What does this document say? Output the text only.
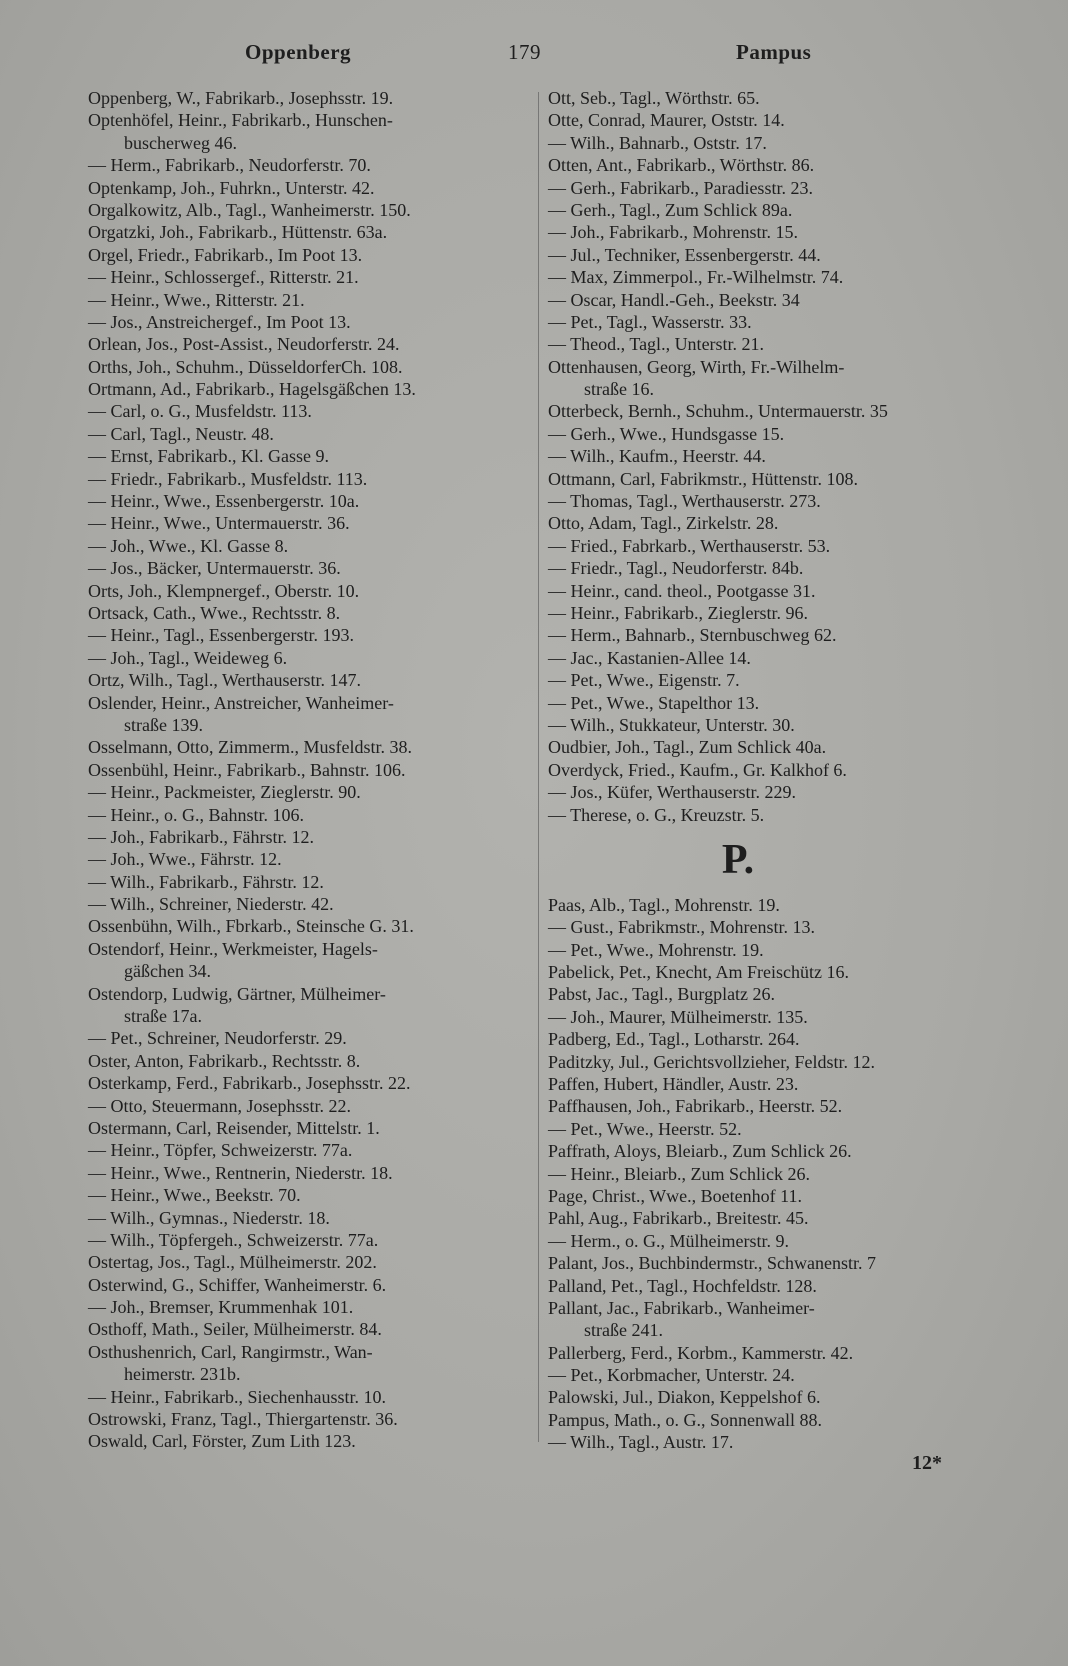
Oppenberg	179	Pampus
Oppenberg, W., Fabrikarb., Josephsstr. 19.
Optenhöfel, Heinr., Fabrikarb., Hunschen-
buscherweg 46.
— Herm., Fabrikarb., Neudorferstr. 70.
Optenkamp, Joh., Fuhrkn., Unterstr. 42.
Orgalkowitz, Alb., Tagl., Wanheimerstr. 150.
Orgatzki, Joh., Fabrikarb., Hüttenstr. 63a.
Orgel, Friedr., Fabrikarb., Im Poot 13.
— Heinr., Schlossergef., Ritterstr. 21.
— Heinr., Wwe., Ritterstr. 21.
— Jos., Anstreichergef., Im Poot 13.
Orlean, Jos., Post-Assist., Neudorferstr. 24.
Orths, Joh., Schuhm., DüsseldorferCh. 108.
Ortmann, Ad., Fabrikarb., Hagelsgäßchen 13.
— Carl, o. G., Musfeldstr. 113.
— Carl, Tagl., Neustr. 48.
— Ernst, Fabrikarb., Kl. Gasse 9.
— Friedr., Fabrikarb., Musfeldstr. 113.
— Heinr., Wwe., Essenbergerstr. 10a.
— Heinr., Wwe., Untermauerstr. 36.
— Joh., Wwe., Kl. Gasse 8.
— Jos., Bäcker, Untermauerstr. 36.
Orts, Joh., Klempnergef., Oberstr. 10.
Ortsack, Cath., Wwe., Rechtsstr. 8.
— Heinr., Tagl., Essenbergerstr. 193.
— Joh., Tagl., Weideweg 6.
Ortz, Wilh., Tagl., Werthauserstr. 147.
Oslender, Heinr., Anstreicher, Wanheimer-
straße 139.
Osselmann, Otto, Zimmerm., Musfeldstr. 38.
Ossenbühl, Heinr., Fabrikarb., Bahnstr. 106.
— Heinr., Packmeister, Zieglerstr. 90.
— Heinr., o. G., Bahnstr. 106.
— Joh., Fabrikarb., Fährstr. 12.
— Joh., Wwe., Fährstr. 12.
— Wilh., Fabrikarb., Fährstr. 12.
— Wilh., Schreiner, Niederstr. 42.
Ossenbühn, Wilh., Fbrkarb., Steinsche G. 31.
Ostendorf, Heinr., Werkmeister, Hagels-
gäßchen 34.
Ostendorp, Ludwig, Gärtner, Mülheimer-
straße 17a.
— Pet., Schreiner, Neudorferstr. 29.
Oster, Anton, Fabrikarb., Rechtsstr. 8.
Osterkamp, Ferd., Fabrikarb., Josephsstr. 22.
— Otto, Steuermann, Josephsstr. 22.
Ostermann, Carl, Reisender, Mittelstr. 1.
— Heinr., Töpfer, Schweizerstr. 77a.
— Heinr., Wwe., Rentnerin, Niederstr. 18.
— Heinr., Wwe., Beekstr. 70.
— Wilh., Gymnas., Niederstr. 18.
— Wilh., Töpfergeh., Schweizerstr. 77a.
Ostertag, Jos., Tagl., Mülheimerstr. 202.
Osterwind, G., Schiffer, Wanheimerstr. 6.
— Joh., Bremser, Krummenhak 101.
Osthoff, Math., Seiler, Mülheimerstr. 84.
Osthushenrich, Carl, Rangirmstr., Wan-
heimerstr. 231b.
— Heinr., Fabrikarb., Siechenhausstr. 10.
Ostrowski, Franz, Tagl., Thiergartenstr. 36.
Oswald, Carl, Förster, Zum Lith 123.
Ott, Seb., Tagl., Wörthstr. 65.
Otte, Conrad, Maurer, Oststr. 14.
— Wilh., Bahnarb., Oststr. 17.
Otten, Ant., Fabrikarb., Wörthstr. 86.
— Gerh., Fabrikarb., Paradiesstr. 23.
— Gerh., Tagl., Zum Schlick 89a.
— Joh., Fabrikarb., Mohrenstr. 15.
— Jul., Techniker, Essenbergerstr. 44.
— Max, Zimmerpol., Fr.-Wilhelmstr. 74.
— Oscar, Handl.-Geh., Beekstr. 34
— Pet., Tagl., Wasserstr. 33.
— Theod., Tagl., Unterstr. 21.
Ottenhausen, Georg, Wirth, Fr.-Wilhelm-
straße 16.
Otterbeck, Bernh., Schuhm., Untermauerstr. 35
— Gerh., Wwe., Hundsgasse 15.
— Wilh., Kaufm., Heerstr. 44.
Ottmann, Carl, Fabrikmstr., Hüttenstr. 108.
— Thomas, Tagl., Werthauserstr. 273.
Otto, Adam, Tagl., Zirkelstr. 28.
— Fried., Fabrkarb., Werthauserstr. 53.
— Friedr., Tagl., Neudorferstr. 84b.
— Heinr., cand. theol., Pootgasse 31.
— Heinr., Fabrikarb., Zieglerstr. 96.
— Herm., Bahnarb., Sternbuschweg 62.
— Jac., Kastanien-Allee 14.
— Pet., Wwe., Eigenstr. 7.
— Pet., Wwe., Stapelthor 13.
— Wilh., Stukkateur, Unterstr. 30.
Oudbier, Joh., Tagl., Zum Schlick 40a.
Overdyck, Fried., Kaufm., Gr. Kalkhof 6.
— Jos., Küfer, Werthauserstr. 229.
— Therese, o. G., Kreuzstr. 5.
P.
Paas, Alb., Tagl., Mohrenstr. 19.
— Gust., Fabrikmstr., Mohrenstr. 13.
— Pet., Wwe., Mohrenstr. 19.
Pabelick, Pet., Knecht, Am Freischütz 16.
Pabst, Jac., Tagl., Burgplatz 26.
— Joh., Maurer, Mülheimerstr. 135.
Padberg, Ed., Tagl., Lotharstr. 264.
Paditzky, Jul., Gerichtsvollzieher, Feldstr. 12.
Paffen, Hubert, Händler, Austr. 23.
Paffhausen, Joh., Fabrikarb., Heerstr. 52.
— Pet., Wwe., Heerstr. 52.
Paffrath, Aloys, Bleiarb., Zum Schlick 26.
— Heinr., Bleiarb., Zum Schlick 26.
Page, Christ., Wwe., Boetenhof 11.
Pahl, Aug., Fabrikarb., Breitestr. 45.
— Herm., o. G., Mülheimerstr. 9.
Palant, Jos., Buchbindermstr., Schwanenstr. 7
Palland, Pet., Tagl., Hochfeldstr. 128.
Pallant, Jac., Fabrikarb., Wanheimer-
straße 241.
Pallerberg, Ferd., Korbm., Kammerstr. 42.
— Pet., Korbmacher, Unterstr. 24.
Palowski, Jul., Diakon, Keppelshof 6.
Pampus, Math., o. G., Sonnenwall 88.
— Wilh., Tagl., Austr. 17.
12*
